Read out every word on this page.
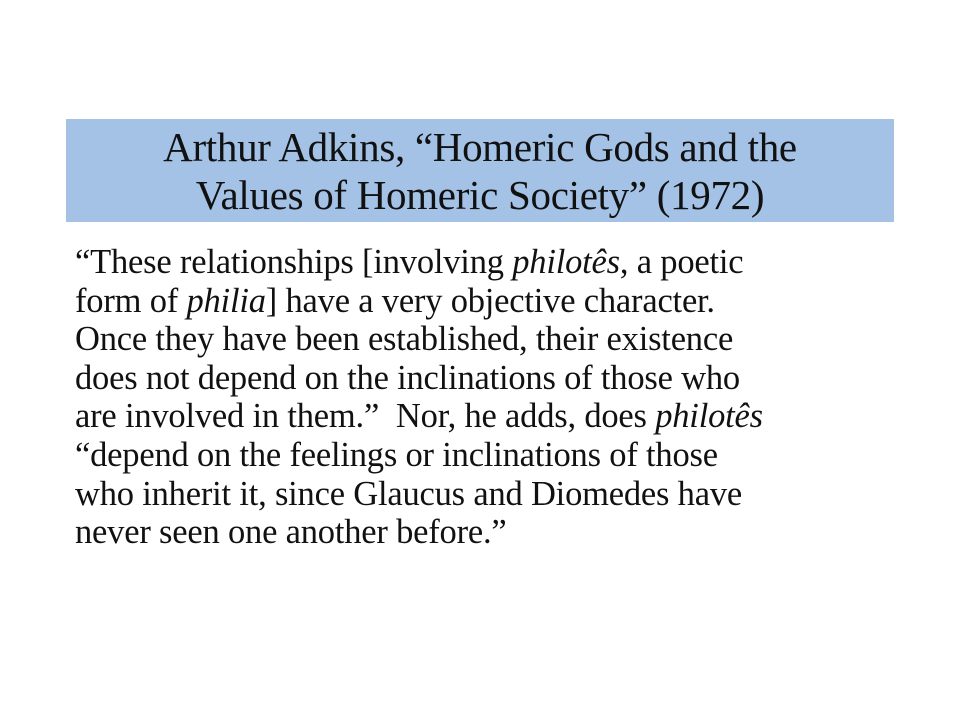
Arthur Adkins, “Homeric Gods and the
Values of Homeric Society” (1972)
“These relationships [involving philotês, a poetic
form of philia] have a very objective character.
Once they have been established, their existence
does not depend on the inclinations of those who
are involved in them.”  Nor, he adds, does philotês
“depend on the feelings or inclinations of those
who inherit it, since Glaucus and Diomedes have
never seen one another before.”
